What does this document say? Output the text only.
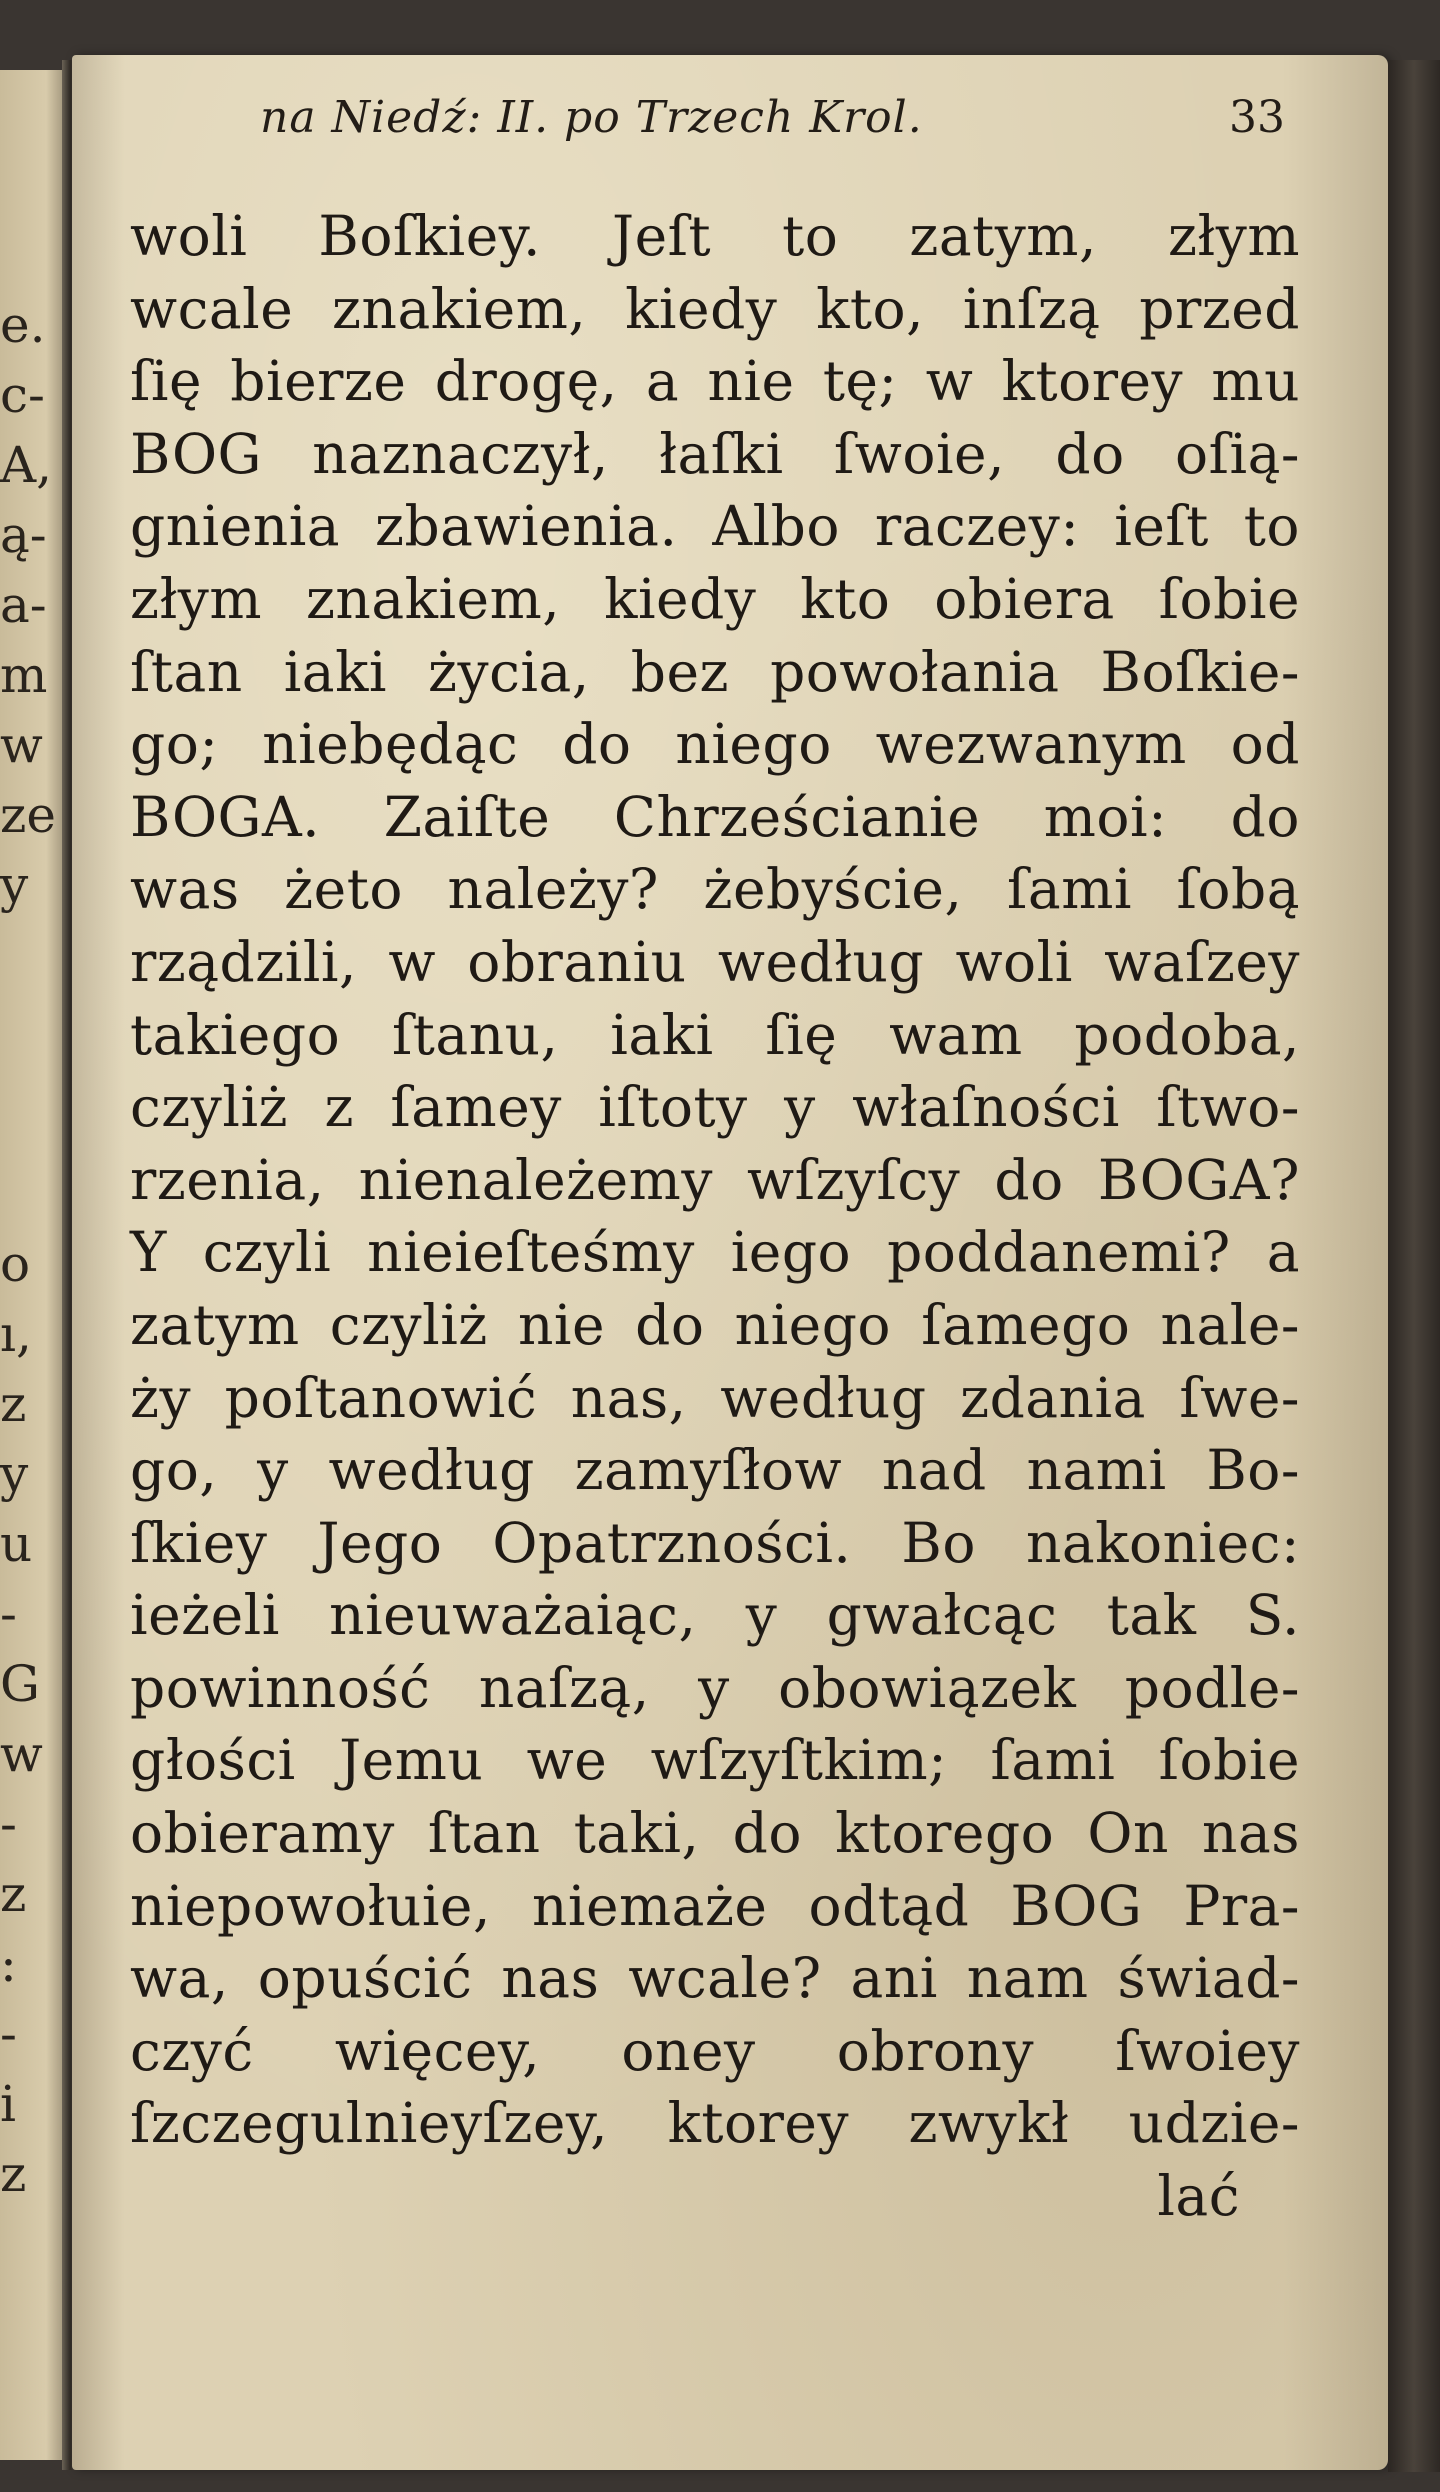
e.
c-
A,
ą-
a-
m
w
ze
y
o
ı,
z
y
u
-
G
w
-
z
:
-
i
z
na Niedź: II. po Trzech Krol.	33
woli Boſkiey. Jeſt to zatym, złym
wcale znakiem, kiedy kto, inſzą przed
ſię bierze drogę, a nie tę; w ktorey mu
BOG naznaczył, łaſki ſwoie, do oſią-
gnienia zbawienia. Albo raczey: ieſt to
złym znakiem, kiedy kto obiera ſobie
ſtan iaki życia, bez powołania Boſkie-
go; niebędąc do niego wezwanym od
BOGA. Zaiſte Chrześcianie moi: do
was żeto należy? żebyście, ſami ſobą
rządzili, w obraniu według woli waſzey
takiego ſtanu, iaki ſię wam podoba,
czyliż z ſamey iſtoty y właſności ſtwo-
rzenia, nienależemy wſzyſcy do BOGA?
Y czyli nieieſteśmy iego poddanemi? a
zatym czyliż nie do niego ſamego nale-
ży poſtanowić nas, według zdania ſwe-
go, y według zamyſłow nad nami Bo-
ſkiey Jego Opatrzności. Bo nakoniec:
ieżeli nieuważaiąc, y gwałcąc tak S.
powinność naſzą, y obowiązek podle-
głości Jemu we wſzyſtkim; ſami ſobie
obieramy ſtan taki, do ktorego On nas
niepowołuie, niemaże odtąd BOG Pra-
wa, opuścić nas wcale? ani nam świad-
czyć więcey, oney obrony ſwoiey
ſzczegulnieyſzey, ktorey zwykł udzie-
lać
